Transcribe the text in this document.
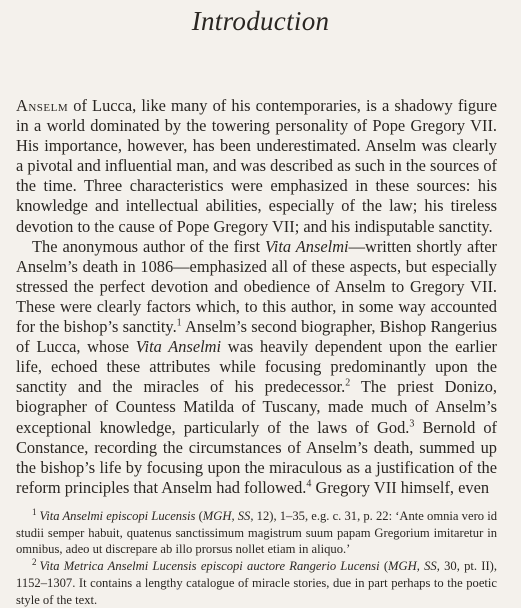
Introduction

Anselm of Lucca, like many of his contemporaries, is a shadowy figure in a world dominated by the towering personality of Pope Gregory VII. His importance, however, has been underestimated. Anselm was clearly a pivotal and influential man, and was described as such in the sources of the time. Three characteristics were emphasized in these sources: his knowledge and intellectual abilities, especially of the law; his tireless devotion to the cause of Pope Gregory VII; and his indisputable sanctity.

The anonymous author of the first Vita Anselmi—written shortly after Anselm’s death in 1086—emphasized all of these aspects, but especially stressed the perfect devotion and obedience of Anselm to Gregory VII. These were clearly factors which, to this author, in some way accounted for the bishop’s sanctity.$^1$ Anselm’s second biographer, Bishop Rangerius of Lucca, whose Vita Anselmi was heavily dependent upon the earlier life, echoed these attributes while focusing predominantly upon the sanctity and the miracles of his predecessor.$^2$ The priest Donizo, biographer of Countess Matilda of Tuscany, made much of Anselm’s exceptional knowledge, particularly of the laws of God.$^3$ Bernold of Constance, recording the circumstances of Anselm’s death, summed up the bishop’s life by focusing upon the miraculous as a justification of the reform principles that Anselm had followed.$^4$ Gregory VII himself, even

$^1$ Vita Anselmi episcopi Lucensis (MGH, SS, 12), 1–35, e.g. c. 31, p. 22: ‘Ante omnia vero id studii semper habuit, quatenus sanctissimum magistrum suum papam Gregorium imitaretur in omnibus, adeo ut discrepare ab illo prorsus nollet etiam in aliquo.’

$^2$ Vita Metrica Anselmi Lucensis episcopi auctore Rangerio Lucensi (MGH, SS, 30, pt. II), 1152–1307. It contains a lengthy catalogue of miracle stories, due in part perhaps to the poetic style of the text.
